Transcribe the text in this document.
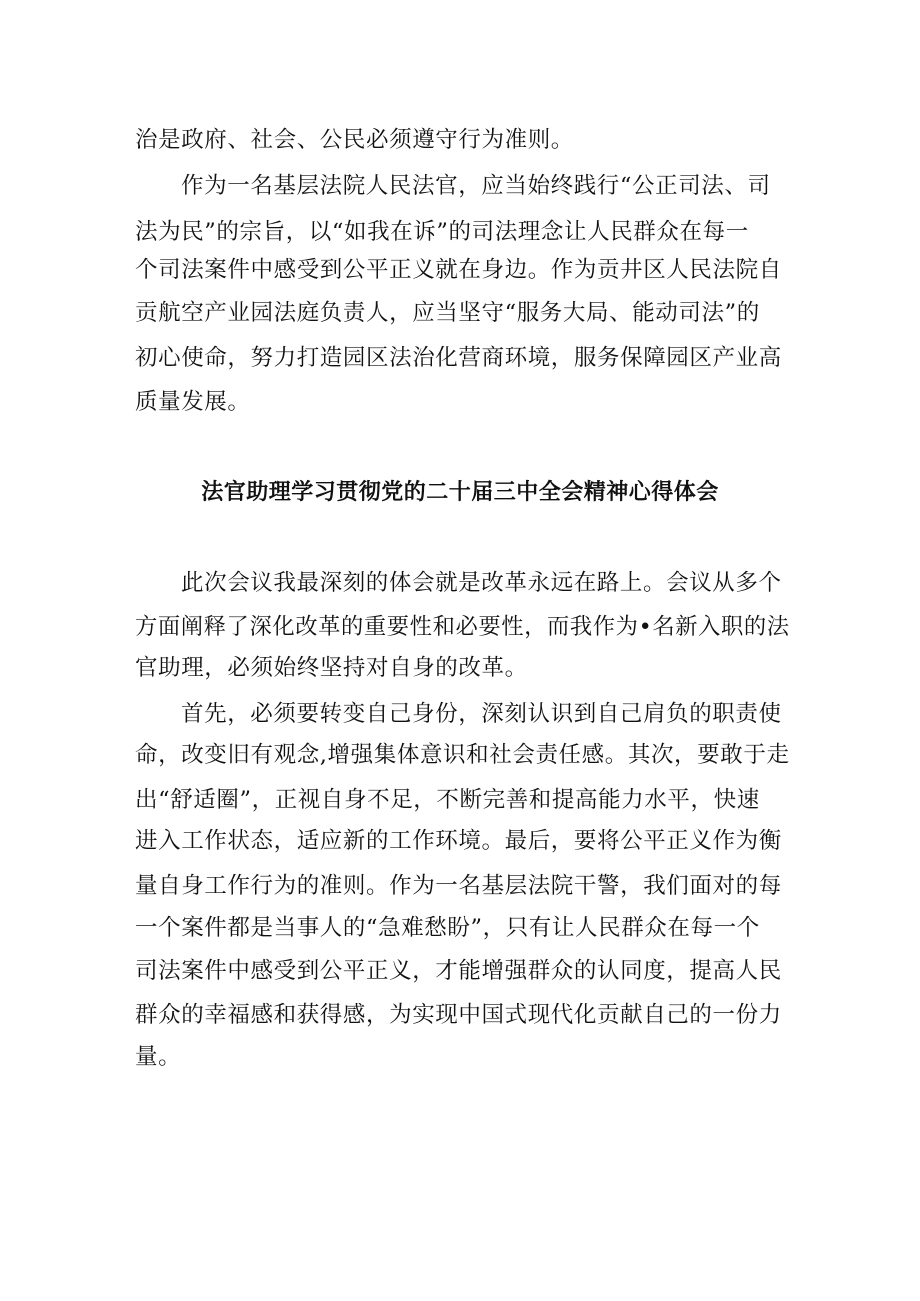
治是政府、社会、公民必须遵守行为准则。
作为一名基层法院人民法官，应当始终践行“公正司法、司
法为民”的宗旨，以“如我在诉”的司法理念让人民群众在每一
个司法案件中感受到公平正义就在身边。作为贡井区人民法院自
贡航空产业园法庭负责人，应当坚守“服务大局、能动司法”的
初心使命，努力打造园区法治化营商环境，服务保障园区产业高
质量发展。
法官助理学习贯彻党的二十届三中全会精神心得体会
此次会议我最深刻的体会就是改革永远在路上。会议从多个
方面阐释了深化改革的重要性和必要性，而我作为•名新入职的法
官助理，必须始终坚持对自身的改革。
首先，必须要转变自己身份，深刻认识到自己肩负的职责使
命，改变旧有观念,增强集体意识和社会责任感。其次，要敢于走
出“舒适圈”，正视自身不足，不断完善和提高能力水平，快速
进入工作状态，适应新的工作环境。最后，要将公平正义作为衡
量自身工作行为的准则。作为一名基层法院干警，我们面对的每
一个案件都是当事人的“急难愁盼”，只有让人民群众在每一个
司法案件中感受到公平正义，才能增强群众的认同度，提高人民
群众的幸福感和获得感，为实现中国式现代化贡献自己的一份力
量。
